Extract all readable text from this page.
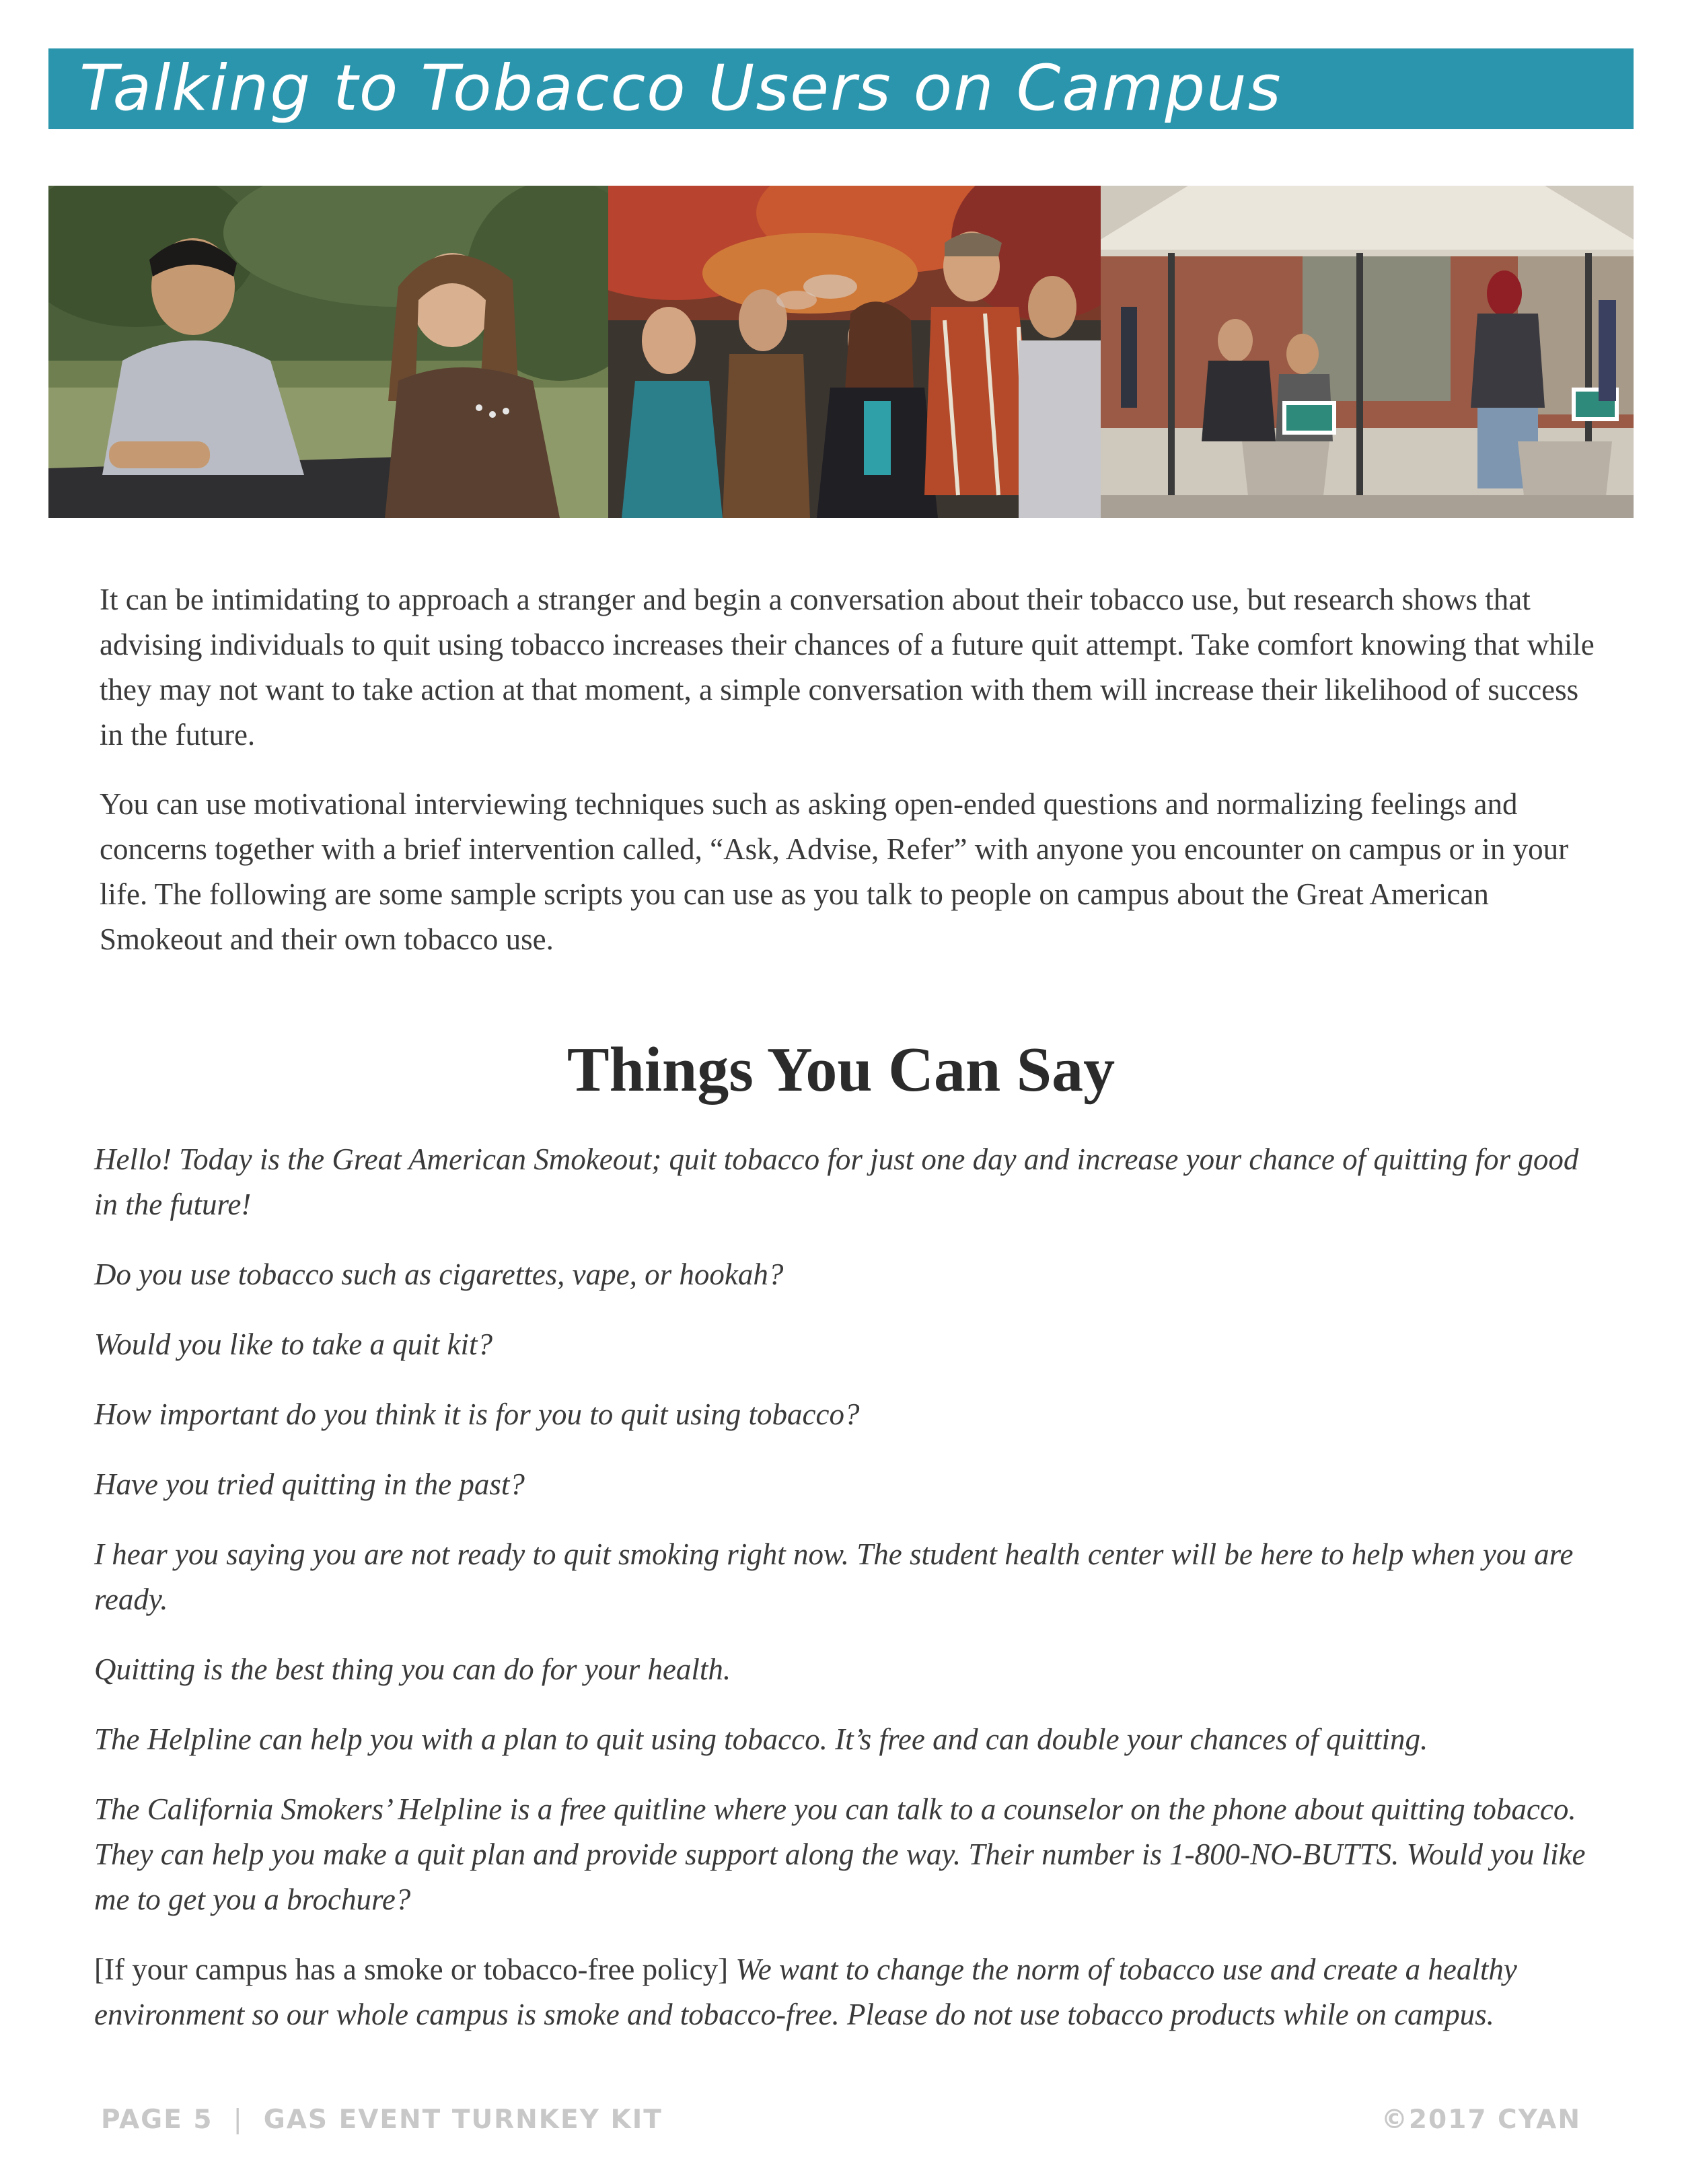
Talking to Tobacco Users on Campus

It can be intimidating to approach a stranger and begin a conversation about their tobacco use, but research shows that advising individuals to quit using tobacco increases their chances of a future quit attempt. Take comfort knowing that while they may not want to take action at that moment, a simple conversation with them will increase their likelihood of success in the future.

You can use motivational interviewing techniques such as asking open-ended questions and normalizing feelings and concerns together with a brief intervention called, “Ask, Advise, Refer” with anyone you encounter on campus or in your life. The following are some sample scripts you can use as you talk to people on campus about the Great American Smokeout and their own tobacco use.

Things You Can Say

Hello! Today is the Great American Smokeout; quit tobacco for just one day and increase your chance of quitting for good in the future!

Do you use tobacco such as cigarettes, vape, or hookah?

Would you like to take a quit kit?

How important do you think it is for you to quit using tobacco?

Have you tried quitting in the past?

I hear you saying you are not ready to quit smoking right now. The student health center will be here to help when you are ready.

Quitting is the best thing you can do for your health.

The Helpline can help you with a plan to quit using tobacco. It’s free and can double your chances of quitting.

The California Smokers’ Helpline is a free quitline where you can talk to a counselor on the phone about quitting tobacco. They can help you make a quit plan and provide support along the way. Their number is 1-800-NO-BUTTS. Would you like me to get you a brochure?

[If your campus has a smoke or tobacco-free policy] We want to change the norm of tobacco use and create a healthy environment so our whole campus is smoke and tobacco-free. Please do not use tobacco products while on campus.

PAGE 5 | GAS EVENT TURNKEY KIT	©2017 CYAN
